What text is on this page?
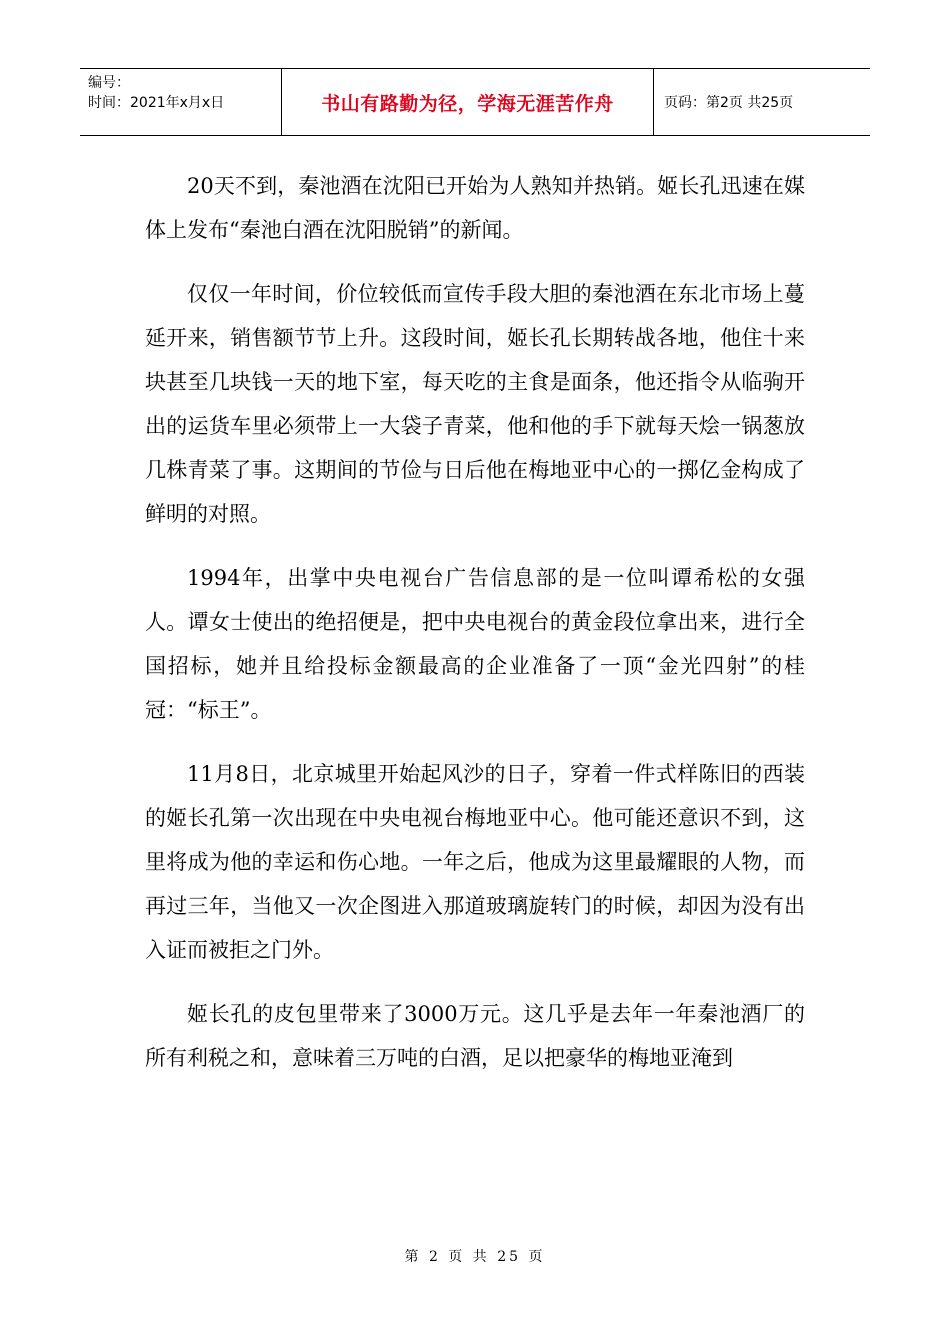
编号：
时间：2021年x月x日	书山有路勤为径，学海无涯苦作舟	页码：第2页 共25页

20天不到，秦池酒在沈阳已开始为人熟知并热销。姬长孔迅速在媒体上发布“秦池白酒在沈阳脱销”的新闻。

仅仅一年时间，价位较低而宣传手段大胆的秦池酒在东北市场上蔓延开来，销售额节节上升。这段时间，姬长孔长期转战各地，他住十来块甚至几块钱一天的地下室，每天吃的主食是面条，他还指令从临驹开出的运货车里必须带上一大袋子青菜，他和他的手下就每天烩一锅葱放几株青菜了事。这期间的节俭与日后他在梅地亚中心的一掷亿金构成了鲜明的对照。

1994年，出掌中央电视台广告信息部的是一位叫谭希松的女强人。谭女士使出的绝招便是，把中央电视台的黄金段位拿出来，进行全国招标，她并且给投标金额最高的企业准备了一顶“金光四射”的桂冠：“标王”。

11月8日，北京城里开始起风沙的日子，穿着一件式样陈旧的西装的姬长孔第一次出现在中央电视台梅地亚中心。他可能还意识不到，这里将成为他的幸运和伤心地。一年之后，他成为这里最耀眼的人物，而再过三年，当他又一次企图进入那道玻璃旋转门的时候，却因为没有出入证而被拒之门外。

姬长孔的皮包里带来了3000万元。这几乎是去年一年秦池酒厂的所有利税之和，意味着三万吨的白酒，足以把豪华的梅地亚淹到

第 2 页 共 25 页
